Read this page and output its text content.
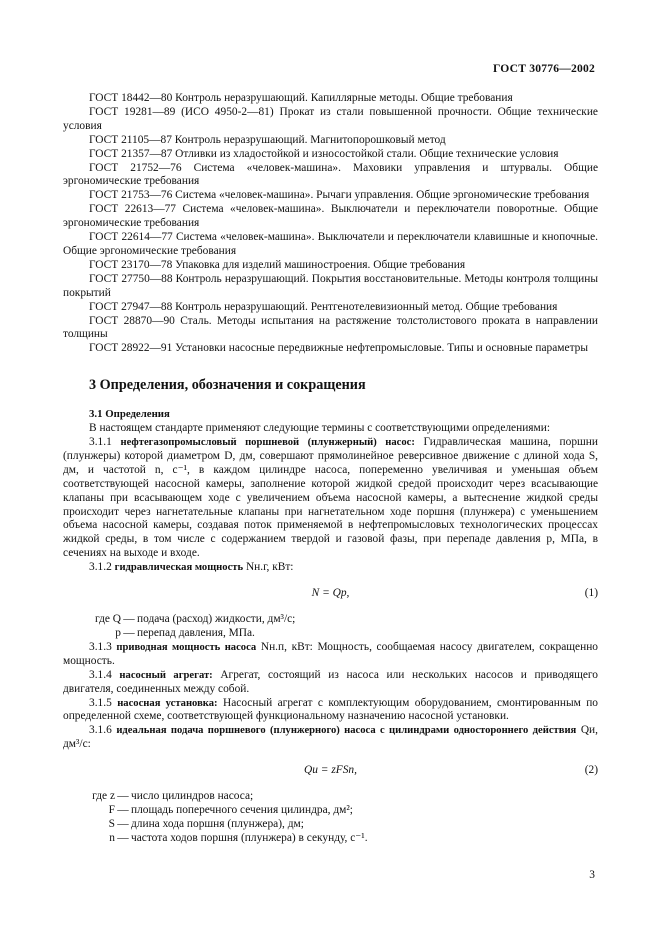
ГОСТ 30776—2002

ГОСТ 18442—80 Контроль неразрушающий. Капиллярные методы. Общие требования

ГОСТ 19281—89 (ИСО 4950-2—81) Прокат из стали повышенной прочности. Общие технические условия

ГОСТ 21105—87 Контроль неразрушающий. Магнитопорошковый метод

ГОСТ 21357—87 Отливки из хладостойкой и износостойкой стали. Общие технические условия

ГОСТ 21752—76 Система «человек-машина». Маховики управления и штурвалы. Общие эргономические требования

ГОСТ 21753—76 Система «человек-машина». Рычаги управления. Общие эргономические требования

ГОСТ 22613—77 Система «человек-машина». Выключатели и переключатели поворотные. Общие эргономические требования

ГОСТ 22614—77 Система «человек-машина». Выключатели и переключатели клавишные и кнопочные. Общие эргономические требования

ГОСТ 23170—78 Упаковка для изделий машиностроения. Общие требования

ГОСТ 27750—88 Контроль неразрушающий. Покрытия восстановительные. Методы контроля толщины покрытий

ГОСТ 27947—88 Контроль неразрушающий. Рентгенотелевизионный метод. Общие требования

ГОСТ 28870—90 Сталь. Методы испытания на растяжение толстолистового проката в направлении толщины

ГОСТ 28922—91 Установки насосные передвижные нефтепромысловые. Типы и основные параметры

3 Определения, обозначения и сокращения

3.1 Определения

В настоящем стандарте применяют следующие термины с соответствующими определениями:

3.1.1 нефтегазопромысловый поршневой (плунжерный) насос: Гидравлическая машина, поршни (плунжеры) которой диаметром D, дм, совершают прямолинейное реверсивное движение с длиной хода S, дм, и частотой n, с⁻¹, в каждом цилиндре насоса, попеременно увеличивая и уменьшая объем соответствующей насосной камеры, заполнение которой жидкой средой происходит через всасывающие клапаны при всасывающем ходе с увеличением объема насосной камеры, а вытеснение жидкой среды происходит через нагнетательные клапаны при нагнетательном ходе поршня (плунжера) с уменьшением объема насосной камеры, создавая поток применяемой в нефтепромысловых технологических процессах жидкой среды, в том числе с содержанием твердой и газовой фазы, при перепаде давления p, МПа, в сечениях на выходе и входе.

3.1.2 гидравлическая мощность Nн.г, кВт:

N = Qp,	(1)
где Q — подача (расход) жидкости, дм³/с;
p — перепад давления, МПа.

3.1.3 приводная мощность насоса Nн.п, кВт: Мощность, сообщаемая насосу двигателем, сокращенно мощность.

3.1.4 насосный агрегат: Агрегат, состоящий из насоса или нескольких насосов и приводящего двигателя, соединенных между собой.

3.1.5 насосная установка: Насосный агрегат с комплектующим оборудованием, смонтированным по определенной схеме, соответствующей функциональному назначению насосной установки.

3.1.6 идеальная подача поршневого (плунжерного) насоса с цилиндрами одностороннего действия Qи, дм³/с:

Qи = zFSn,	(2)
где z — число цилиндров насоса;
F — площадь поперечного сечения цилиндра, дм²;
S — длина хода поршня (плунжера), дм;
n — частота ходов поршня (плунжера) в секунду, с⁻¹.
3
